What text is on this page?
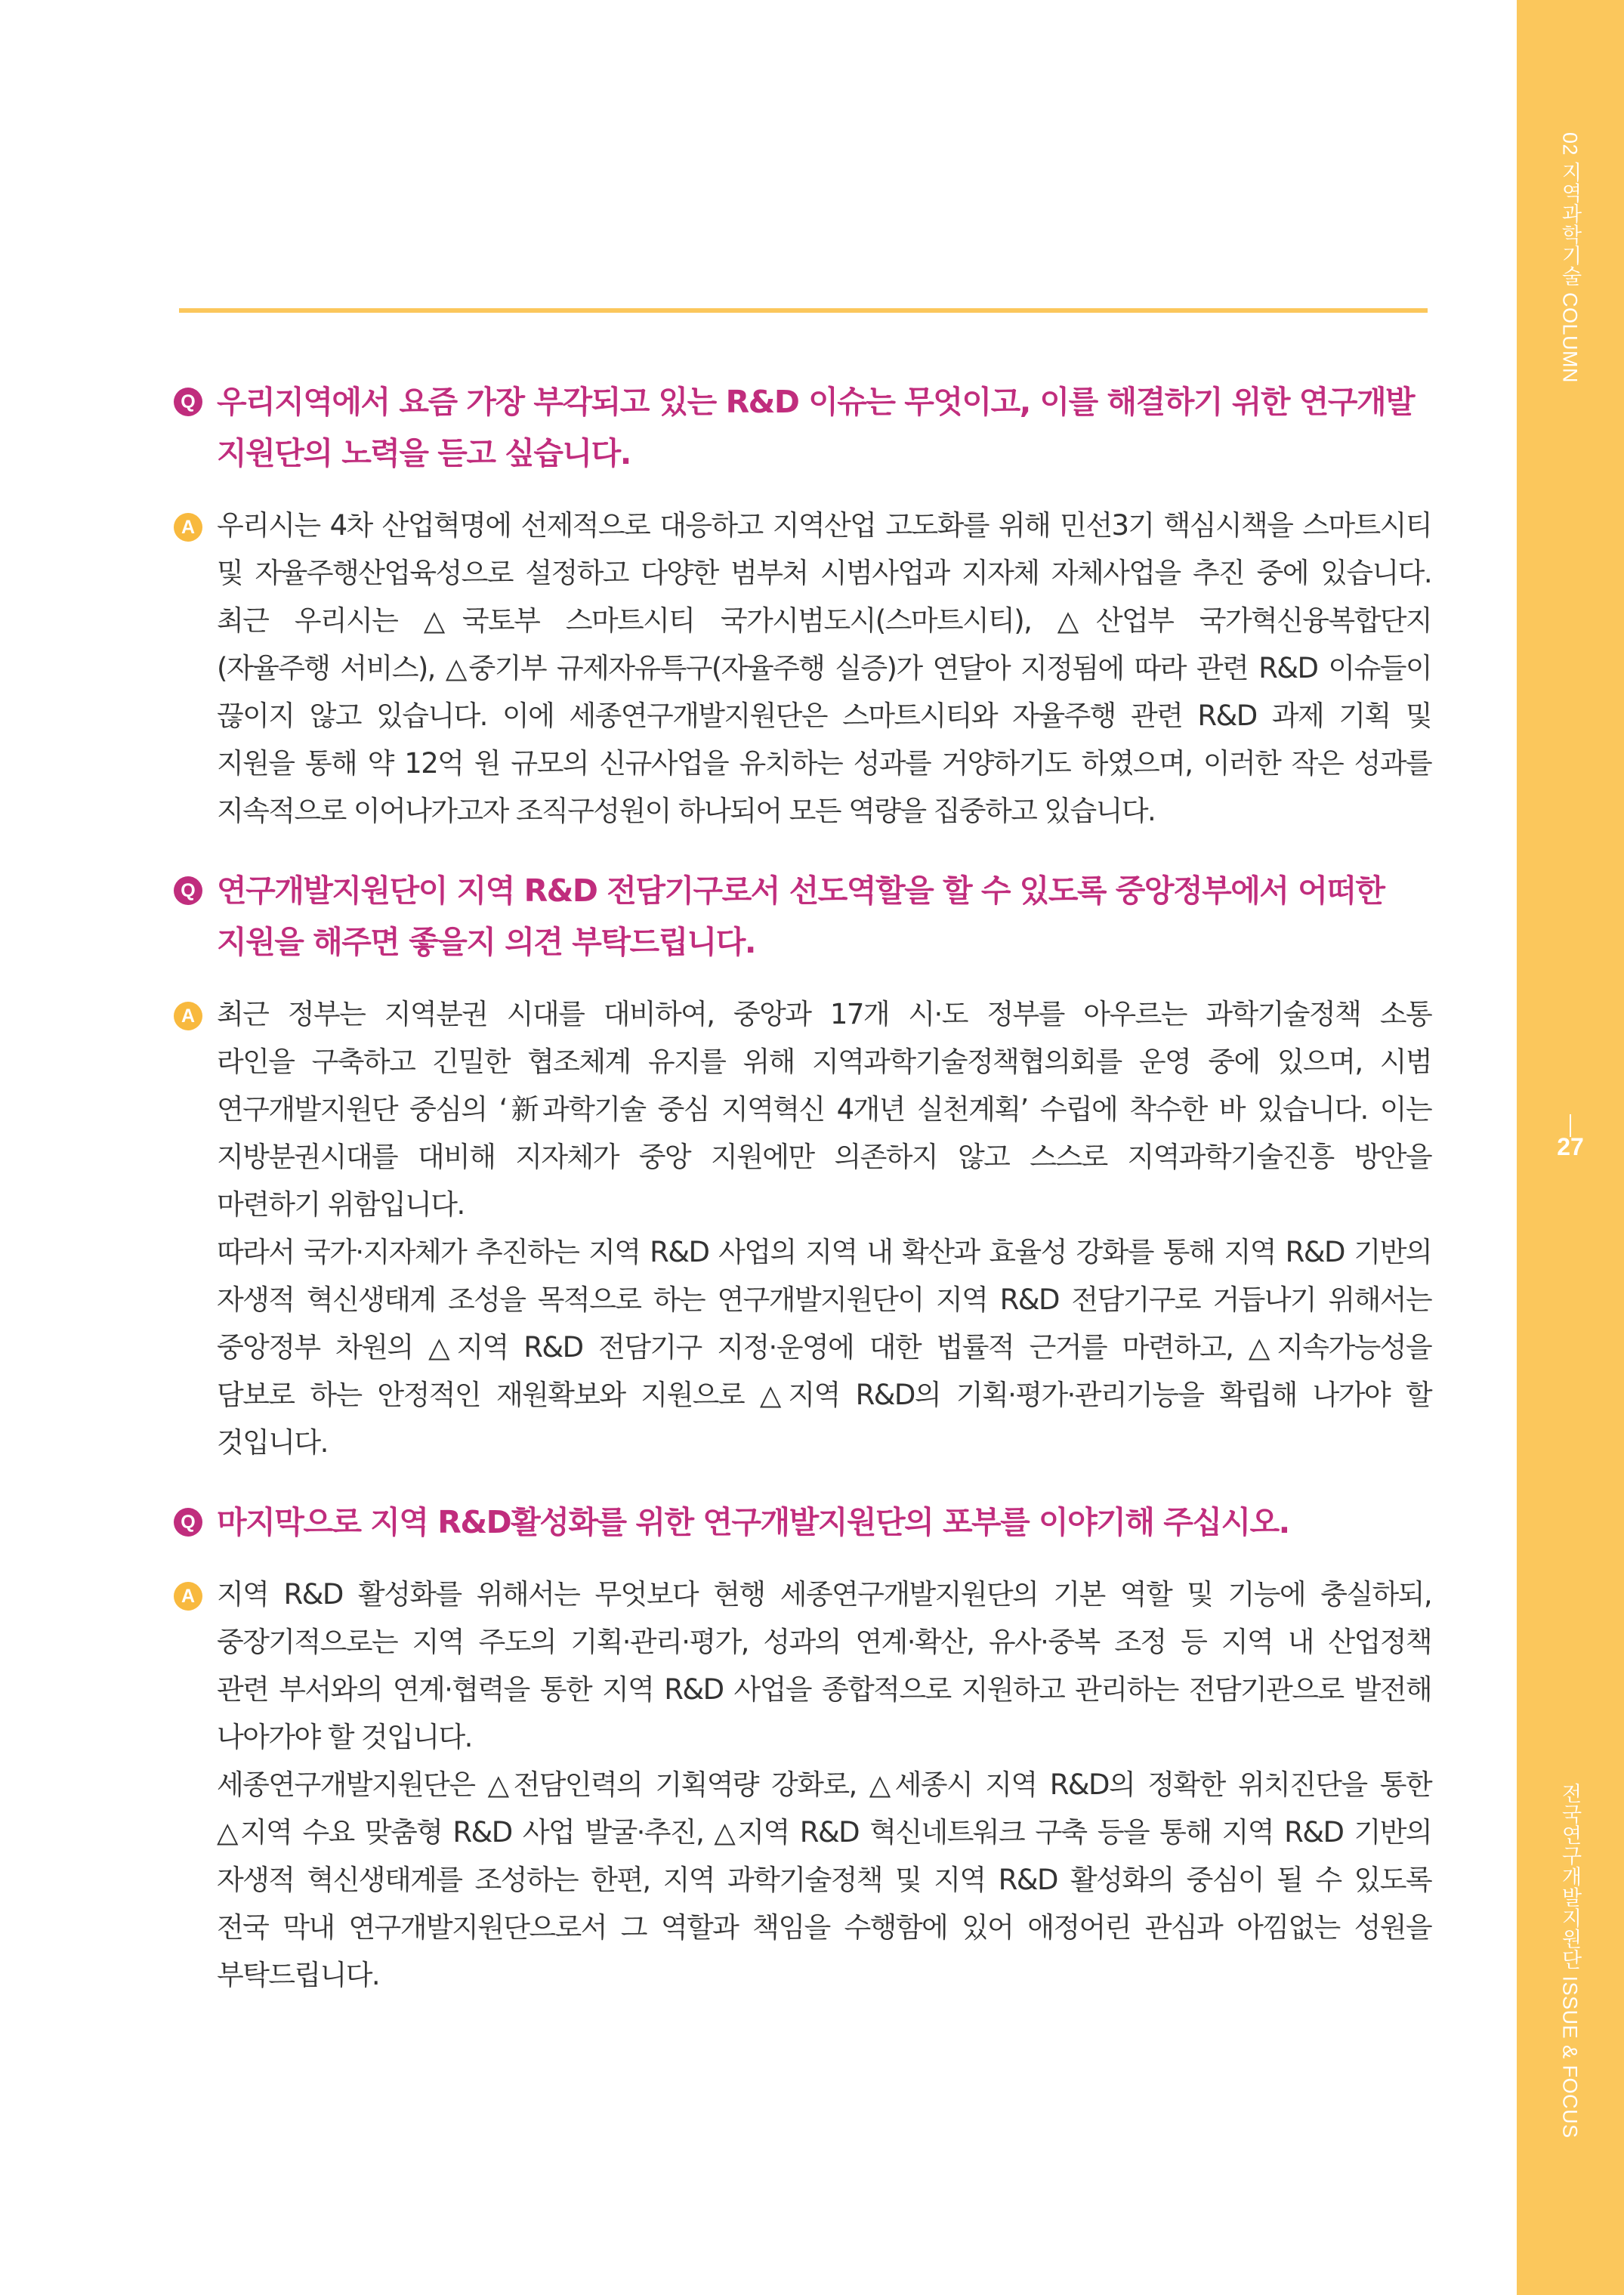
02 지역과학기술 COLUMN
27
전국연구개발지원단 ISSUE & FOCUS
Q 우리지역에서 요즘 가장 부각되고 있는 R&D 이슈는 무엇이고, 이를 해결하기 위한 연구개발
지원단의 노력을 듣고 싶습니다.
A 우리시는 4차 산업혁명에 선제적으로 대응하고 지역산업 고도화를 위해 민선3기 핵심시책을 스마트시티
및 자율주행산업육성으로 설정하고 다양한 범부처 시범사업과 지자체 자체사업을 추진 중에 있습니다.
최근 우리시는 △국토부 스마트시티 국가시범도시(스마트시티), △산업부 국가혁신융복합단지
(자율주행 서비스), △중기부 규제자유특구(자율주행 실증)가 연달아 지정됨에 따라 관련 R&D 이슈들이
끊이지 않고 있습니다. 이에 세종연구개발지원단은 스마트시티와 자율주행 관련 R&D 과제 기획 및
지원을 통해 약 12억 원 규모의 신규사업을 유치하는 성과를 거양하기도 하였으며, 이러한 작은 성과를
지속적으로 이어나가고자 조직구성원이 하나되어 모든 역량을 집중하고 있습니다.
Q 연구개발지원단이 지역 R&D 전담기구로서 선도역할을 할 수 있도록 중앙정부에서 어떠한
지원을 해주면 좋을지 의견 부탁드립니다.
A 최근 정부는 지역분권 시대를 대비하여, 중앙과 17개 시·도 정부를 아우르는 과학기술정책 소통
라인을 구축하고 긴밀한 협조체계 유지를 위해 지역과학기술정책협의회를 운영 중에 있으며, 시범
연구개발지원단 중심의 ‘新과학기술 중심 지역혁신 4개년 실천계획’ 수립에 착수한 바 있습니다. 이는
지방분권시대를 대비해 지자체가 중앙 지원에만 의존하지 않고 스스로 지역과학기술진흥 방안을
마련하기 위함입니다.
따라서 국가·지자체가 추진하는 지역 R&D 사업의 지역 내 확산과 효율성 강화를 통해 지역 R&D 기반의
자생적 혁신생태계 조성을 목적으로 하는 연구개발지원단이 지역 R&D 전담기구로 거듭나기 위해서는
중앙정부 차원의 △지역 R&D 전담기구 지정·운영에 대한 법률적 근거를 마련하고, △지속가능성을
담보로 하는 안정적인 재원확보와 지원으로 △지역 R&D의 기획·평가·관리기능을 확립해 나가야 할
것입니다.
Q 마지막으로 지역 R&D활성화를 위한 연구개발지원단의 포부를 이야기해 주십시오.
A 지역 R&D 활성화를 위해서는 무엇보다 현행 세종연구개발지원단의 기본 역할 및 기능에 충실하되,
중장기적으로는 지역 주도의 기획·관리·평가, 성과의 연계·확산, 유사·중복 조정 등 지역 내 산업정책
관련 부서와의 연계·협력을 통한 지역 R&D 사업을 종합적으로 지원하고 관리하는 전담기관으로 발전해
나아가야 할 것입니다.
세종연구개발지원단은 △전담인력의 기획역량 강화로, △세종시 지역 R&D의 정확한 위치진단을 통한
△지역 수요 맞춤형 R&D 사업 발굴·추진, △지역 R&D 혁신네트워크 구축 등을 통해 지역 R&D 기반의
자생적 혁신생태계를 조성하는 한편, 지역 과학기술정책 및 지역 R&D 활성화의 중심이 될 수 있도록
전국 막내 연구개발지원단으로서 그 역할과 책임을 수행함에 있어 애정어린 관심과 아낌없는 성원을
부탁드립니다.
